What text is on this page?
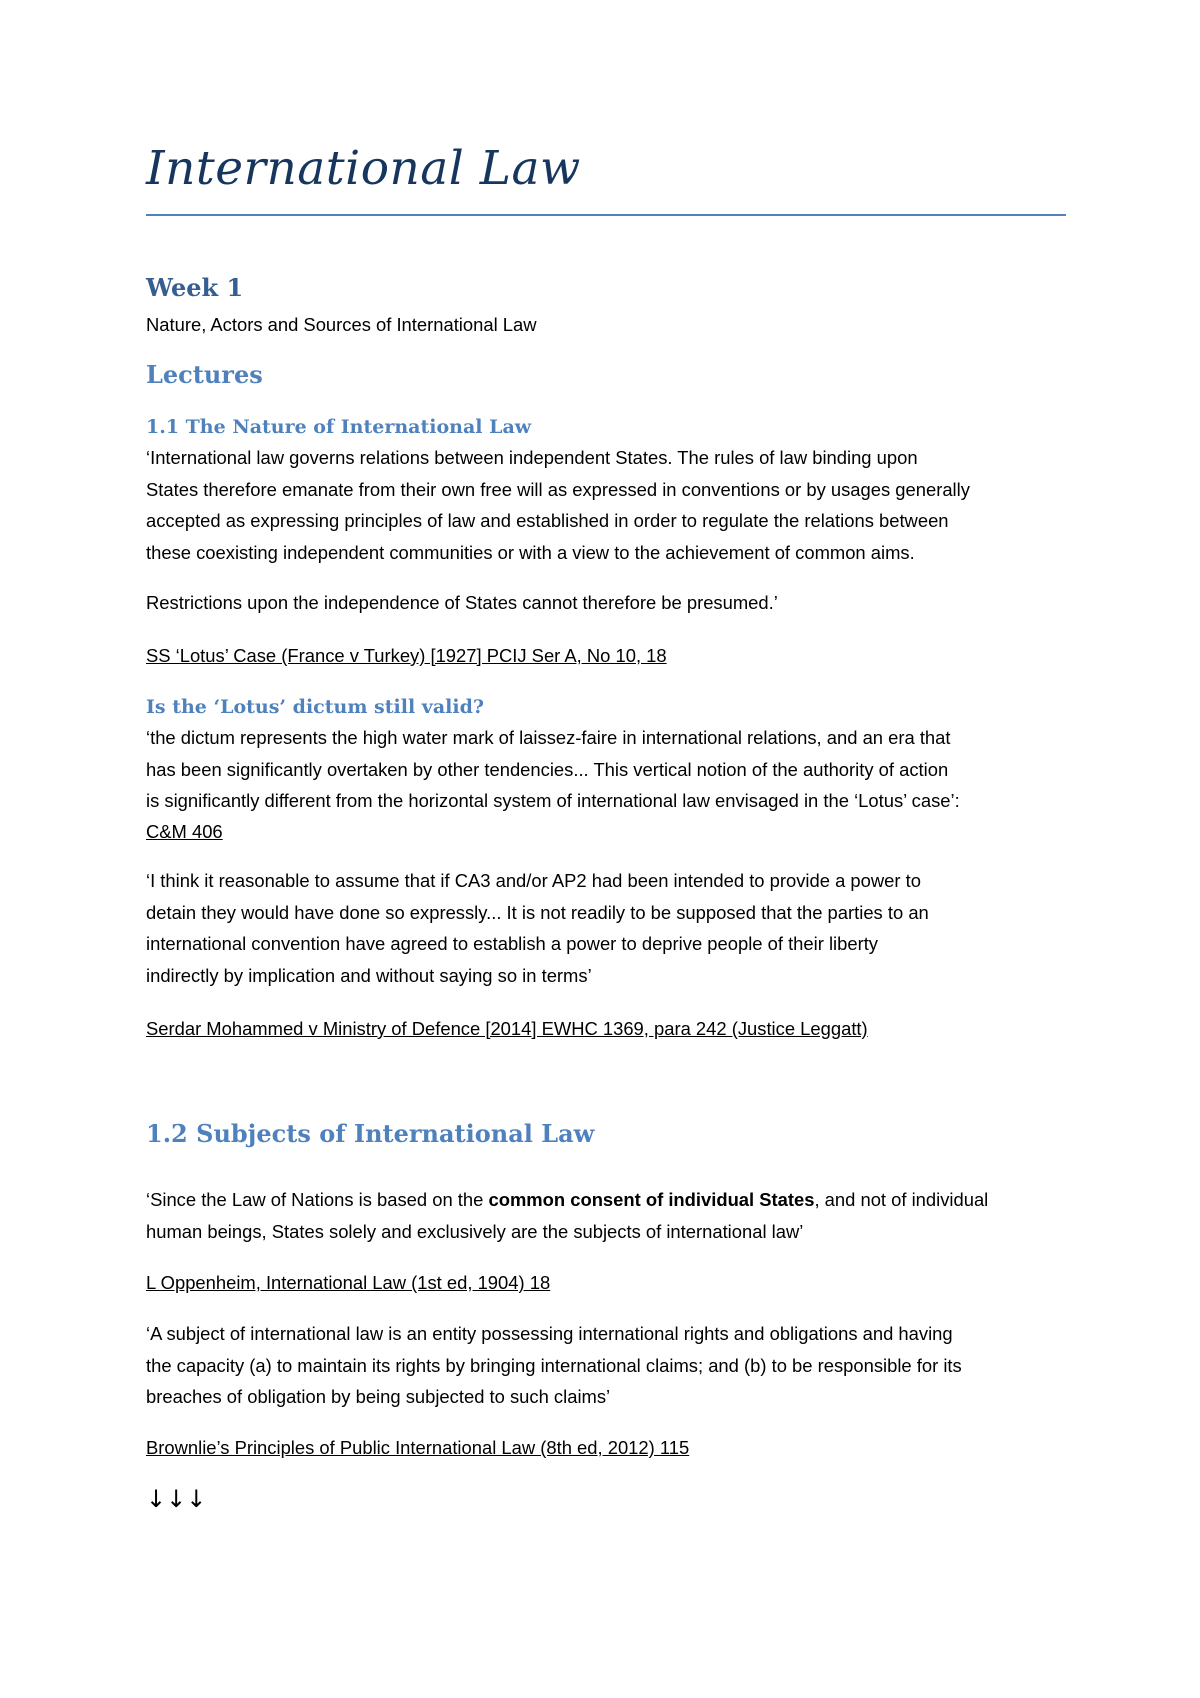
International Law
Week 1
Nature, Actors and Sources of International Law
Lectures
1.1 The Nature of International Law
‘International law governs relations between independent States. The rules of law binding upon
States therefore emanate from their own free will as expressed in conventions or by usages generally
accepted as expressing principles of law and established in order to regulate the relations between
these coexisting independent communities or with a view to the achievement of common aims.
Restrictions upon the independence of States cannot therefore be presumed.’
SS ‘Lotus’ Case (France v Turkey) [1927] PCIJ Ser A, No 10, 18
Is the ‘Lotus’ dictum still valid?
‘the dictum represents the high water mark of laissez-faire in international relations, and an era that
has been significantly overtaken by other tendencies... This vertical notion of the authority of action
is significantly different from the horizontal system of international law envisaged in the ‘Lotus’ case’:
C&M 406
‘I think it reasonable to assume that if CA3 and/or AP2 had been intended to provide a power to
detain they would have done so expressly... It is not readily to be supposed that the parties to an
international convention have agreed to establish a power to deprive people of their liberty
indirectly by implication and without saying so in terms’
Serdar Mohammed v Ministry of Defence [2014] EWHC 1369, para 242 (Justice Leggatt)
1.2 Subjects of International Law
‘Since the Law of Nations is based on the common consent of individual States, and not of individual
human beings, States solely and exclusively are the subjects of international law’
L Oppenheim, International Law (1st ed, 1904) 18
‘A subject of international law is an entity possessing international rights and obligations and having
the capacity (a) to maintain its rights by bringing international claims; and (b) to be responsible for its
breaches of obligation by being subjected to such claims’
Brownlie’s Principles of Public International Law (8th ed, 2012) 115
↓↓↓
